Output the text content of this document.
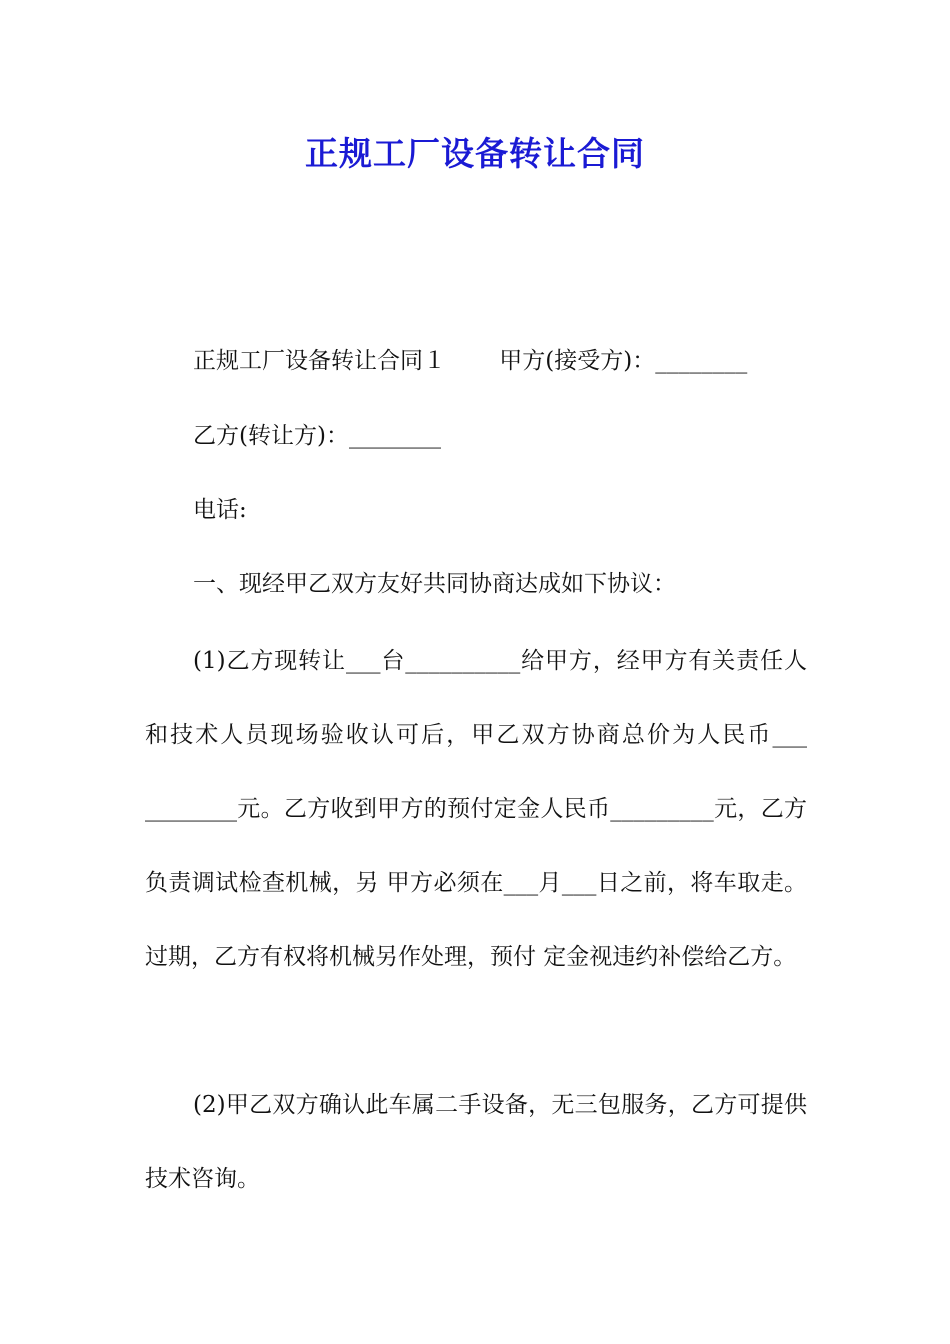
正规工厂设备转让合同
正规工厂设备转让合同１　　 甲方(接受方)：________
乙方(转让方)：________
电话:
一、现经甲乙双方友好共同协商达成如下协议：
(1)乙方现转让___台__________给甲方，经甲方有关责任人和技术人员现场验收认可后，甲乙双方协商总价为人民币___ ________元。乙方收到甲方的预付定金人民币_________元，乙方负责调试检查机械，另 甲方必须在___月___日之前，将车取走。过期，乙方有权将机械另作处理，预付 定金视违约补偿给乙方。
(2)甲乙双方确认此车属二手设备，无三包服务，乙方可提供技术咨询。
